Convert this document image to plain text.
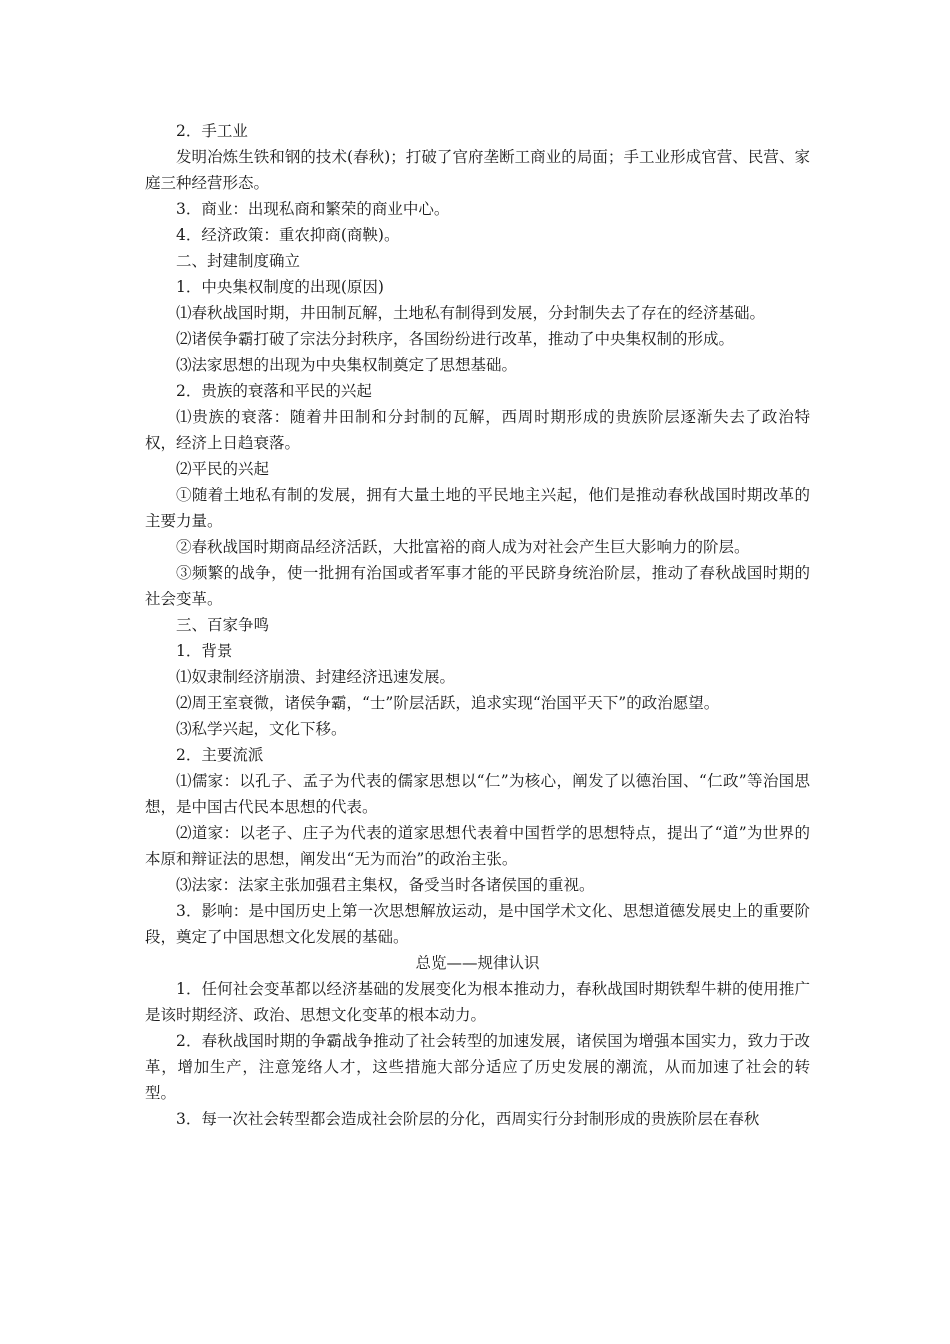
2．手工业

发明冶炼生铁和钢的技术(春秋)；打破了官府垄断工商业的局面；手工业形成官营、民营、家庭三种经营形态。

3．商业：出现私商和繁荣的商业中心。

4．经济政策：重农抑商(商鞅)。

二、封建制度确立

1．中央集权制度的出现(原因)

⑴春秋战国时期，井田制瓦解，土地私有制得到发展，分封制失去了存在的经济基础。

⑵诸侯争霸打破了宗法分封秩序，各国纷纷进行改革，推动了中央集权制的形成。

⑶法家思想的出现为中央集权制奠定了思想基础。

2．贵族的衰落和平民的兴起

⑴贵族的衰落：随着井田制和分封制的瓦解，西周时期形成的贵族阶层逐渐失去了政治特权，经济上日趋衰落。

⑵平民的兴起

①随着土地私有制的发展，拥有大量土地的平民地主兴起，他们是推动春秋战国时期改革的主要力量。

②春秋战国时期商品经济活跃，大批富裕的商人成为对社会产生巨大影响力的阶层。

③频繁的战争，使一批拥有治国或者军事才能的平民跻身统治阶层，推动了春秋战国时期的社会变革。

三、百家争鸣

1．背景

⑴奴隶制经济崩溃、封建经济迅速发展。

⑵周王室衰微，诸侯争霸，“士”阶层活跃，追求实现“治国平天下”的政治愿望。

⑶私学兴起，文化下移。

2．主要流派

⑴儒家：以孔子、孟子为代表的儒家思想以“仁”为核心，阐发了以德治国、“仁政”等治国思想，是中国古代民本思想的代表。

⑵道家：以老子、庄子为代表的道家思想代表着中国哲学的思想特点，提出了“道”为世界的本原和辩证法的思想，阐发出“无为而治”的政治主张。

⑶法家：法家主张加强君主集权，备受当时各诸侯国的重视。

3．影响：是中国历史上第一次思想解放运动，是中国学术文化、思想道德发展史上的重要阶段，奠定了中国思想文化发展的基础。

总览——规律认识

1．任何社会变革都以经济基础的发展变化为根本推动力，春秋战国时期铁犁牛耕的使用推广是该时期经济、政治、思想文化变革的根本动力。

2．春秋战国时期的争霸战争推动了社会转型的加速发展，诸侯国为增强本国实力，致力于改革，增加生产，注意笼络人才，这些措施大部分适应了历史发展的潮流，从而加速了社会的转型。

3．每一次社会转型都会造成社会阶层的分化，西周实行分封制形成的贵族阶层在春秋
